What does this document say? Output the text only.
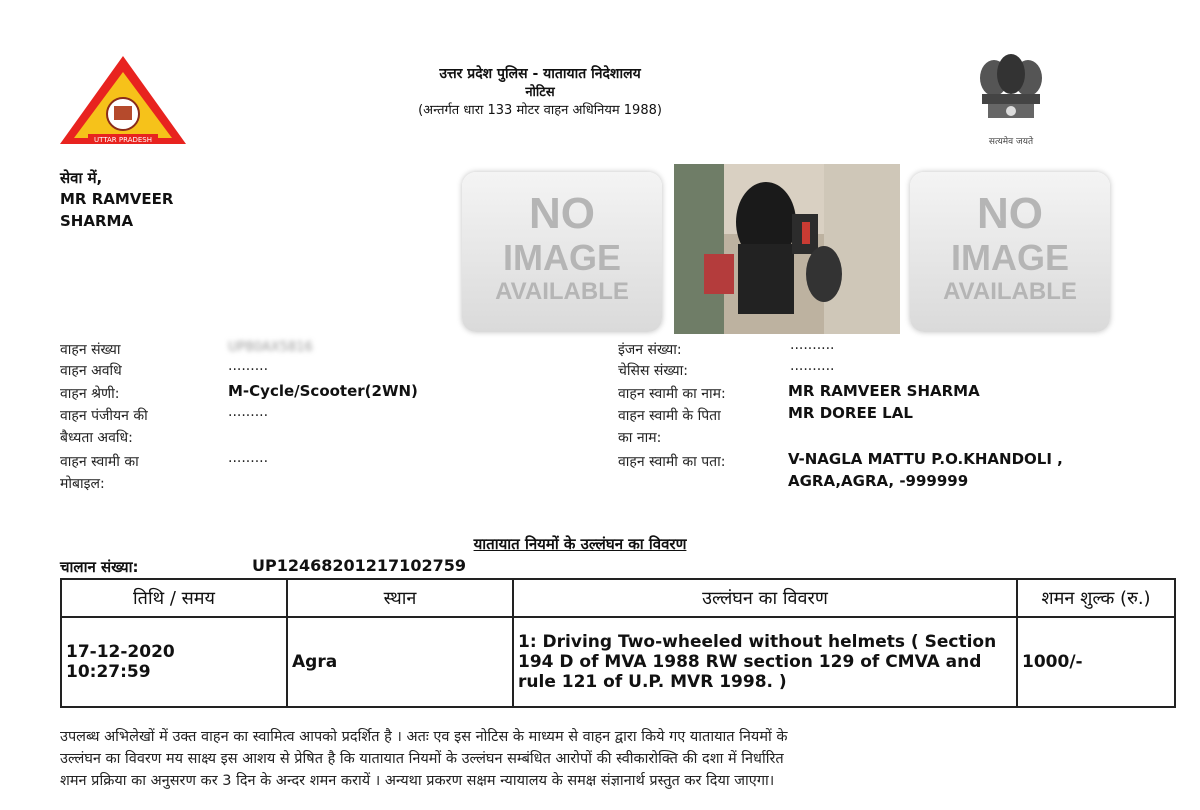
UTTAR PRADESH
उत्तर प्रदेश पुलिस - यातायात निदेशालय
नोटिस
(अन्तर्गत धारा 133 मोटर वाहन अधिनियम 1988)
सत्यमेव जयते
सेवा में,
MR RAMVEER
SHARMA	NO
IMAGE
AVAILABLE
NO
IMAGE
AVAILABLE
वाहन संख्या	UP80AX5816
वाहन अवधि	.........
वाहन श्रेणी:	M-Cycle/Scooter(2WN)
वाहन पंजीयन की
बैध्यता अवधि:
.........
वाहन स्वामी का
मोबाइल:
.........
इंजन संख्या:	..........
चेसिस संख्या:	..........
वाहन स्वामी का नाम:	MR RAMVEER SHARMA
वाहन स्वामी के पिता
का नाम:
MR DOREE LAL
वाहन स्वामी का पता:	V-NAGLA MATTU P.O.KHANDOLI ,
AGRA,AGRA, -999999
यातायात नियमों के उल्लंघन का विवरण
चालान संख्या:	UP12468201217102759
तिथि / समय	स्थान	उल्लंघन का विवरण	शमन शुल्क (रु.)

17-12-2020
10:27:59	Agra	1: Driving Two-wheeled without helmets ( Section 194 D of MVA 1988 RW section 129 of CMVA and rule 121 of U.P. MVR 1998. )	1000/-
उपलब्ध अभिलेखों में उक्त वाहन का स्वामित्व आपको प्रदर्शित है । अतः एव इस नोटिस के माध्यम से वाहन द्वारा किये गए यातायात नियमों के
उल्लंघन का विवरण मय साक्ष्य इस आशय से प्रेषित है कि यातायात नियमों के उल्लंघन सम्बंधित आरोपों की स्वीकारोक्ति की दशा में निर्धारित
शमन प्रक्रिया का अनुसरण कर 3 दिन के अन्दर शमन करायें । अन्यथा प्रकरण सक्षम न्यायालय के समक्ष संज्ञानार्थ प्रस्तुत कर दिया जाएगा।
